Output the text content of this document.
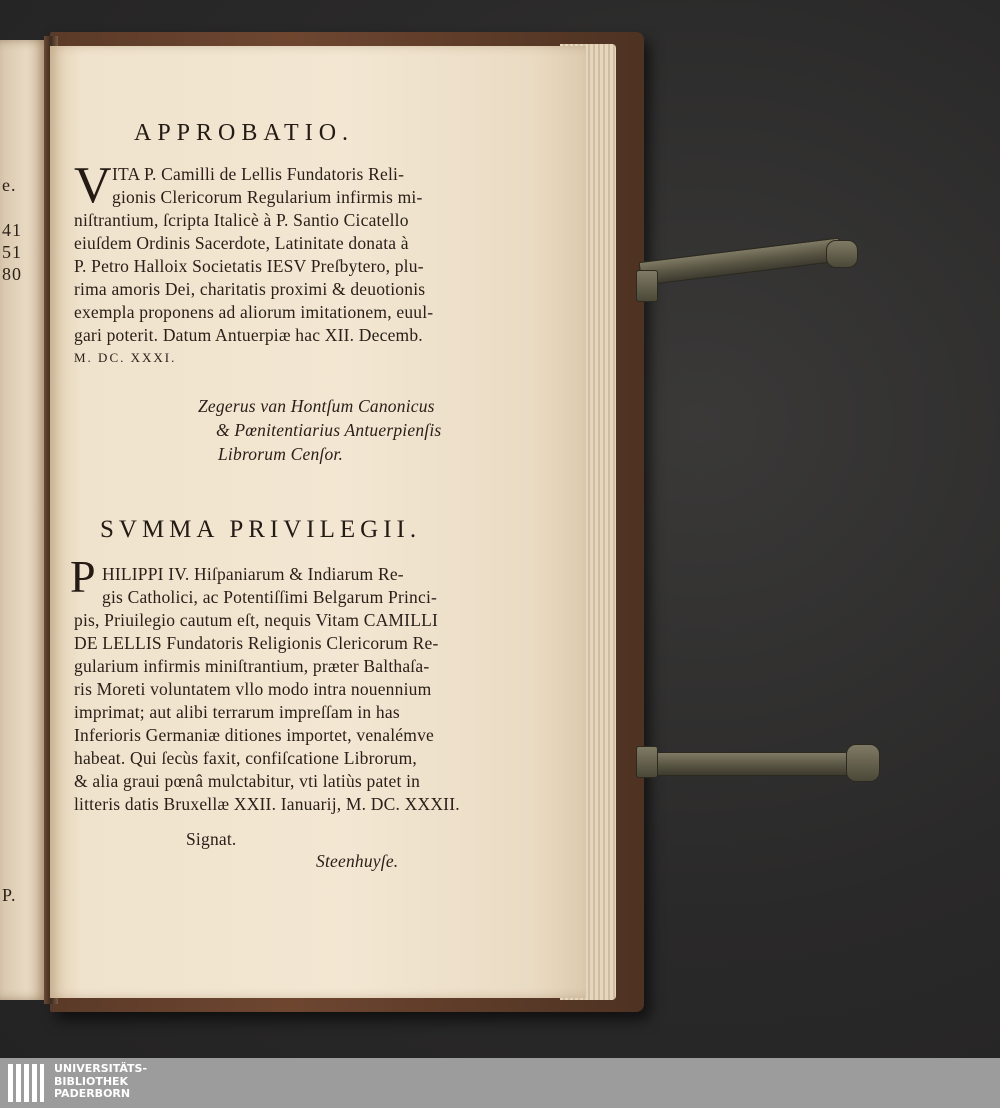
e.
41
51
80
P.
APPROBATIO.
V ITA P. Camilli de Lellis Fundatoris Reli-
gionis Clericorum Regularium infirmis mi-
niſtrantium, ſcripta Italicè à P. Santio Cicatello
eiuſdem Ordinis Sacerdote, Latinitate donata à
P. Petro Halloix Societatis IESV Preſbytero, plu-
rima amoris Dei, charitatis proximi & deuotionis
exempla proponens ad aliorum imitationem, euul-
gari poterit. Datum Antuerpiæ hac XII. Decemb.
M. DC. XXXI.
Zegerus van Hontſum Canonicus
& Pœnitentiarius Antuerpienſis
Librorum Cenſor.
SVMMA PRIVILEGII.
P HILIPPI IV. Hiſpaniarum & Indiarum Re-
gis Catholici, ac Potentiſſimi Belgarum Princi-
pis, Priuilegio cautum eſt, nequis Vitam CAMILLI
DE LELLIS Fundatoris Religionis Clericorum Re-
gularium infirmis miniſtrantium, præter Balthaſa-
ris Moreti voluntatem vllo modo intra nouennium
imprimat; aut alibi terrarum impreſſam in has
Inferioris Germaniæ ditiones importet, venalémve
habeat. Qui ſecùs faxit, confiſcatione Librorum,
& alia graui pœnâ mulctabitur, vti latiùs patet in
litteris datis Bruxellæ XXII. Ianuarij, M. DC. XXXII.
Signat.
Steenhuyſe.
UNIVERSITÄTS-
BIBLIOTHEK
PADERBORN
